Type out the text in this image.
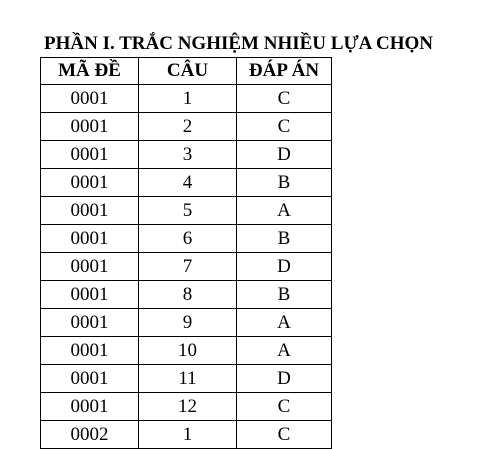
PHẦN I. TRẮC NGHIỆM NHIỀU LỰA CHỌN
MÃ ĐỀ	CÂU	ĐÁP ÁN
0001	1	C
0001	2	C
0001	3	D
0001	4	B
0001	5	A
0001	6	B
0001	7	D
0001	8	B
0001	9	A
0001	10	A
0001	11	D
0001	12	C
0002	1	C
